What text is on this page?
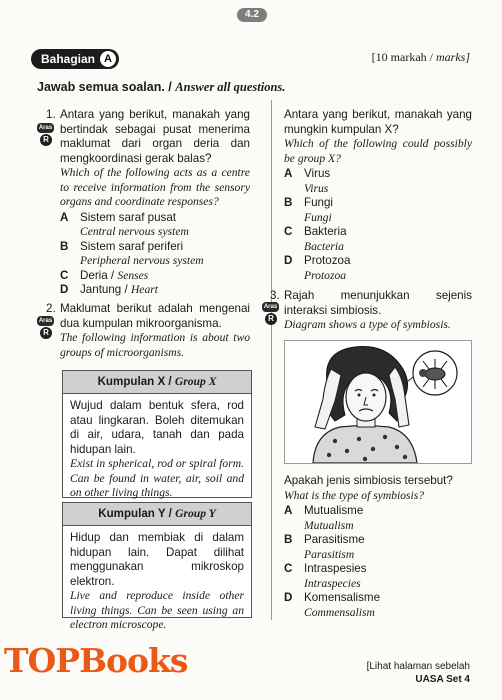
4.2
Bahagian A	[10 markah / marks]
Jawab semua soalan. / Answer all questions.
1.
Aras
R
Antara yang berikut, manakah yang bertindak sebagai pusat menerima maklumat dari organ deria dan mengkoordinasi gerak balas?
Which of the following acts as a centre to receive information from the sensory organs and coordinate responses?
A Sistem saraf pusat
Central nervous system
B Sistem saraf periferi
Peripheral nervous system
C Deria / Senses
D Jantung / Heart
2.
Aras
R
Maklumat berikut adalah mengenai dua kumpulan mikroorganisma.
The following information is about two groups of microorganisms.
Kumpulan X / Group X
Wujud dalam bentuk sfera, rod atau lingkaran. Boleh ditemukan di air, udara, tanah dan pada hidupan lain.
Exist in spherical, rod or spiral form. Can be found in water, air, soil and on other living things.
Kumpulan Y / Group Y
Hidup dan membiak di dalam hidupan lain. Dapat dilihat menggunakan mikroskop elektron.
Live and reproduce inside other living things. Can be seen using an electron microscope.
Antara yang berikut, manakah yang mungkin kumpulan X?
Which of the following could possibly be group X?
A Virus
Virus
B Fungi
Fungi
C Bakteria
Bacteria
D Protozoa
Protozoa
3.
Aras
R
Rajah menunjukkan sejenis interaksi simbiosis.
Diagram shows a type of symbiosis.
Apakah jenis simbiosis tersebut?
What is the type of symbiosis?
A Mutualisme
Mutualism
B Parasitisme
Parasitism
C Intraspesies
Intraspecies
D Komensalisme
Commensalism
TOPBooks	[Lihat halaman sebelah
UASA Set 4
